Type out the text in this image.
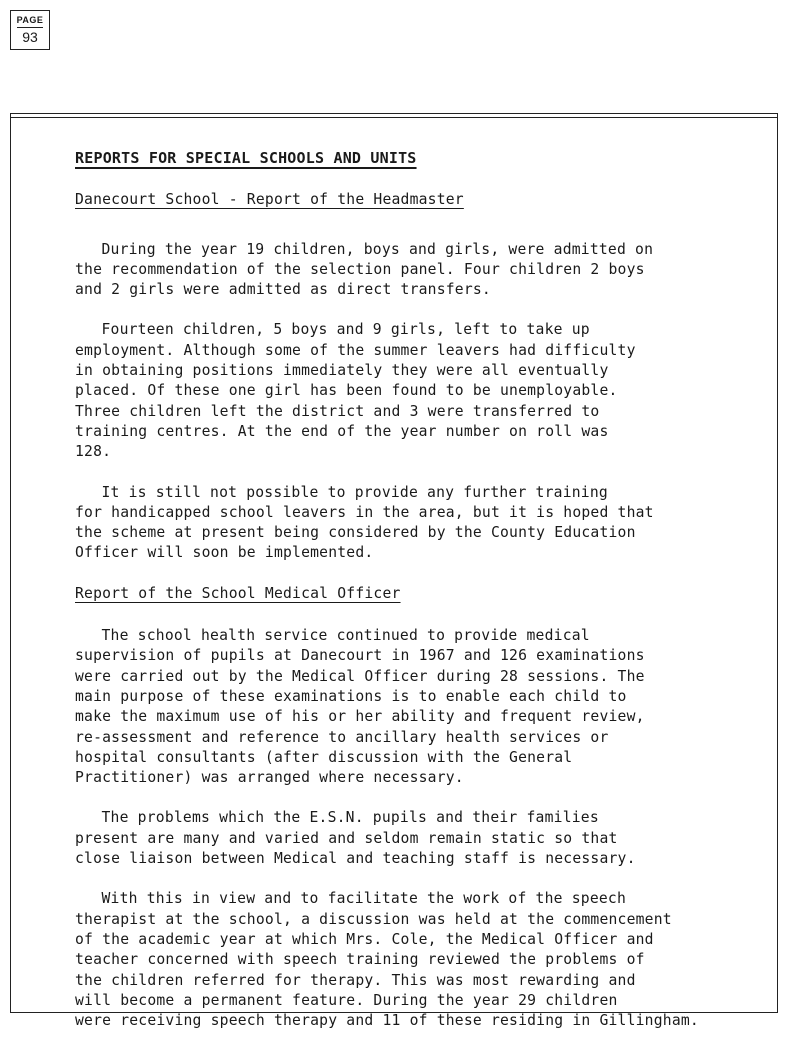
PAGE
93
REPORTS FOR SPECIAL SCHOOLS AND UNITS
Danecourt School - Report of the Headmaster

During the year 19 children, boys and girls, were admitted on
the recommendation of the selection panel. Four children 2 boys
and 2 girls were admitted as direct transfers.

Fourteen children, 5 boys and 9 girls, left to take up
employment. Although some of the summer leavers had difficulty
in obtaining positions immediately they were all eventually
placed. Of these one girl has been found to be unemployable.
Three children left the district and 3 were transferred to
training centres. At the end of the year number on roll was
128.

It is still not possible to provide any further training
for handicapped school leavers in the area, but it is hoped that
the scheme at present being considered by the County Education
Officer will soon be implemented.

Report of the School Medical Officer

The school health service continued to provide medical
supervision of pupils at Danecourt in 1967 and 126 examinations
were carried out by the Medical Officer during 28 sessions. The
main purpose of these examinations is to enable each child to
make the maximum use of his or her ability and frequent review,
re-assessment and reference to ancillary health services or
hospital consultants (after discussion with the General
Practitioner) was arranged where necessary.

The problems which the E.S.N. pupils and their families
present are many and varied and seldom remain static so that
close liaison between Medical and teaching staff is necessary.

With this in view and to facilitate the work of the speech
therapist at the school, a discussion was held at the commencement
of the academic year at which Mrs. Cole, the Medical Officer and
teacher concerned with speech training reviewed the problems of
the children referred for therapy. This was most rewarding and
will become a permanent feature. During the year 29 children
were receiving speech therapy and 11 of these residing in Gillingham.
